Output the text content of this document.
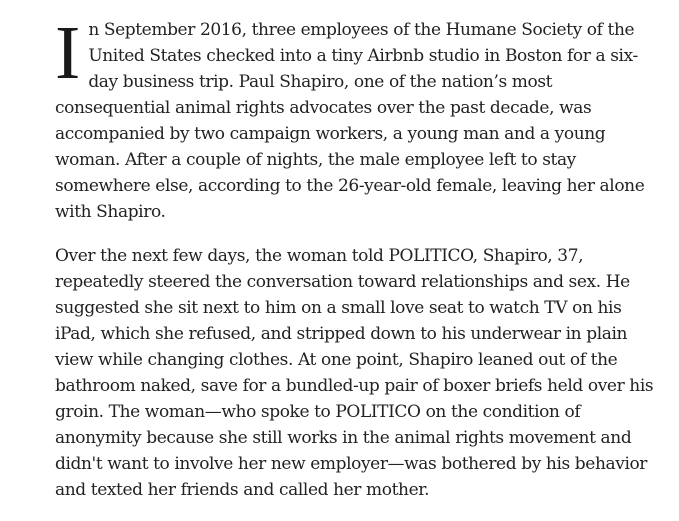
In September 2016, three employees of the Humane Society of the United States checked into a tiny Airbnb studio in Boston for a six-day business trip. Paul Shapiro, one of the nation’s most consequential animal rights advocates over the past decade, was accompanied by two campaign workers, a young man and a young woman. After a couple of nights, the male employee left to stay somewhere else, according to the 26-year-old female, leaving her alone with Shapiro.

Over the next few days, the woman told POLITICO, Shapiro, 37, repeatedly steered the conversation toward relationships and sex. He suggested she sit next to him on a small love seat to watch TV on his iPad, which she refused, and stripped down to his underwear in plain view while changing clothes. At one point, Shapiro leaned out of the bathroom naked, save for a bundled-up pair of boxer briefs held over his groin. The woman—who spoke to POLITICO on the condition of anonymity because she still works in the animal rights movement and didn't want to involve her new employer—was bothered by his behavior and texted her friends and called her mother.
